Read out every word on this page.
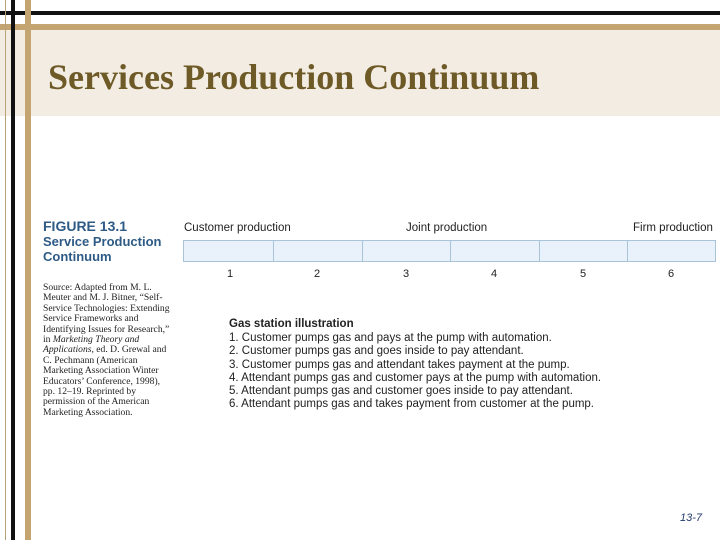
Services Production Continuum
FIGURE 13.1
Service Production
Continuum
Source: Adapted from M. L. Meuter and M. J. Bitner, “Self-Service Technologies: Extending Service Frameworks and Identifying Issues for Research,” in Marketing Theory and Applications, ed. D. Grewal and C. Pechmann (American Marketing Association Winter Educators’ Conference, 1998), pp. 12–19. Reprinted by permission of the American Marketing Association.
Customer production	Joint production	Firm production
1	2	3	4	5	6
Gas station illustration
1. Customer pumps gas and pays at the pump with automation.
2. Customer pumps gas and goes inside to pay attendant.
3. Customer pumps gas and attendant takes payment at the pump.
4. Attendant pumps gas and customer pays at the pump with automation.
5. Attendant pumps gas and customer goes inside to pay attendant.
6. Attendant pumps gas and takes payment from customer at the pump.
13-7
